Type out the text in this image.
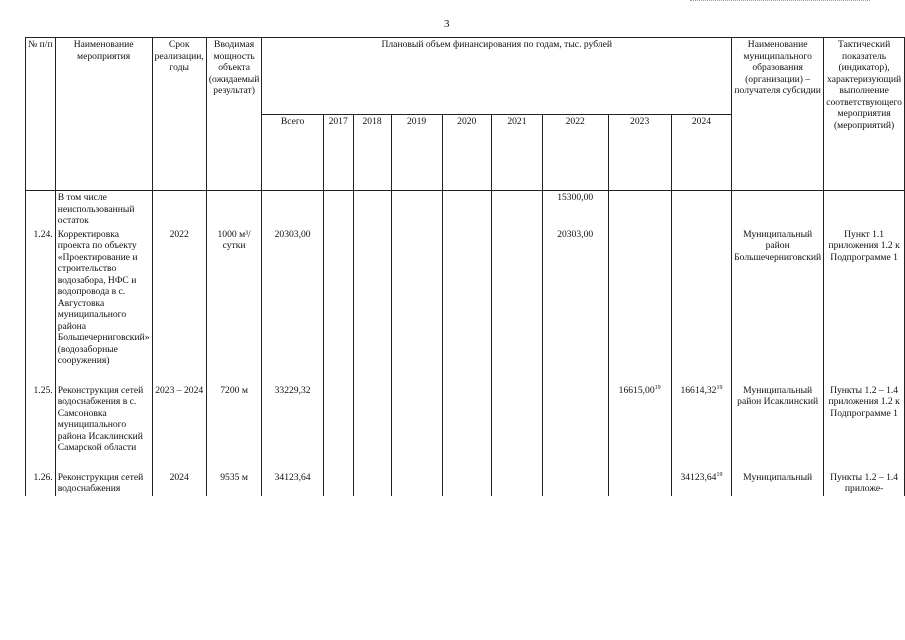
3
№ п/п	Наименование мероприятия	Срок реализации, годы	Вводимая мощность объекта (ожидаемый результат)	Плановый объем финансирования по годам, тыс. рублей									Наименование муниципального образования (организации) – получателя субсидии	Тактический показатель (индикатор), характеризующий выполнение соответствующего мероприятия (мероприятий)
				Всего	2017	2018	2019	2020	2021	2022	2023	2024		
	В том числе неиспользованный остаток									15300,00				
1.24.	Корректировка проекта по объекту «Проектирование и строительство водозабора, НФС и водопровода в с. Августовка муниципального района Большечерниговский» (водозаборные сооружения)	2022	1000 м³/сутки	20303,00						20303,00			Муниципальный район Большечерниговский	Пункт 1.1 приложения 1.2 к Подпрограмме 1

1.25.	Реконструкция сетей водоснабжения в с. Самсоновка муниципального района Исаклинский Самарской области	2023 – 2024	7200 м	33229,32							16615,00$^{19}$	16614,32$^{19}$	Муниципальный район Исаклинский	Пункты 1.2 – 1.4 приложения 1.2 к Подпрограмме 1

1.26.	Реконструкция сетей водоснабжения	2024	9535 м	34123,64								34123,64$^{19}$	Муниципальный	Пункты 1.2 – 1.4 приложе-
